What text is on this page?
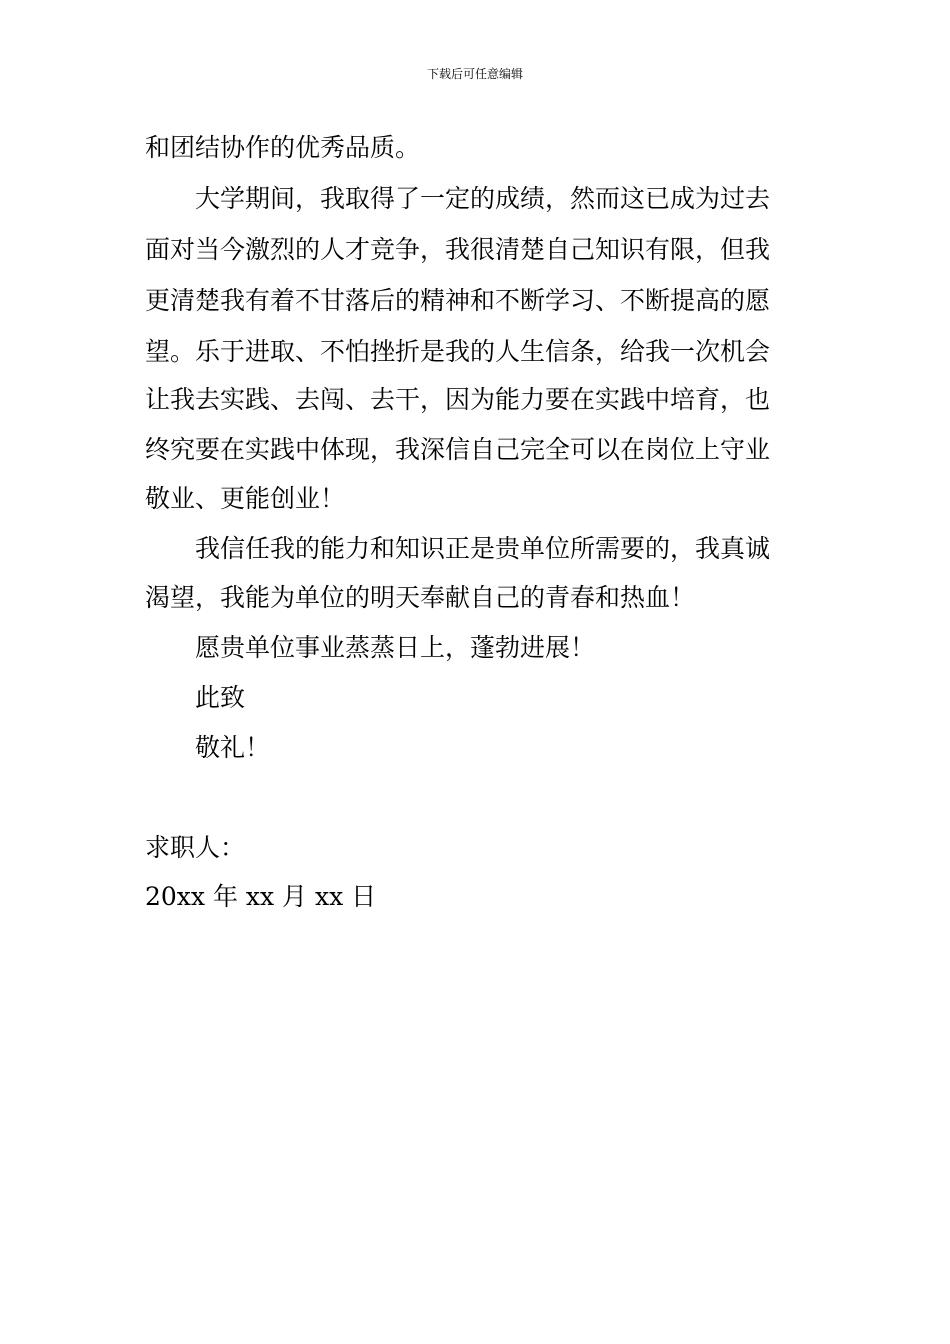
下载后可任意编辑
和团结协作的优秀品质。
大学期间，我取得了一定的成绩，然而这已成为过去
面对当今激烈的人才竞争，我很清楚自己知识有限，但我
更清楚我有着不甘落后的精神和不断学习、不断提高的愿
望。乐于进取、不怕挫折是我的人生信条，给我一次机会
让我去实践、去闯、去干，因为能力要在实践中培育，也
终究要在实践中体现，我深信自己完全可以在岗位上守业
敬业、更能创业！
我信任我的能力和知识正是贵单位所需要的，我真诚
渴望，我能为单位的明天奉献自己的青春和热血！
愿贵单位事业蒸蒸日上，蓬勃进展！
此致
敬礼！
求职人：
20xx 年 xx 月 xx 日
